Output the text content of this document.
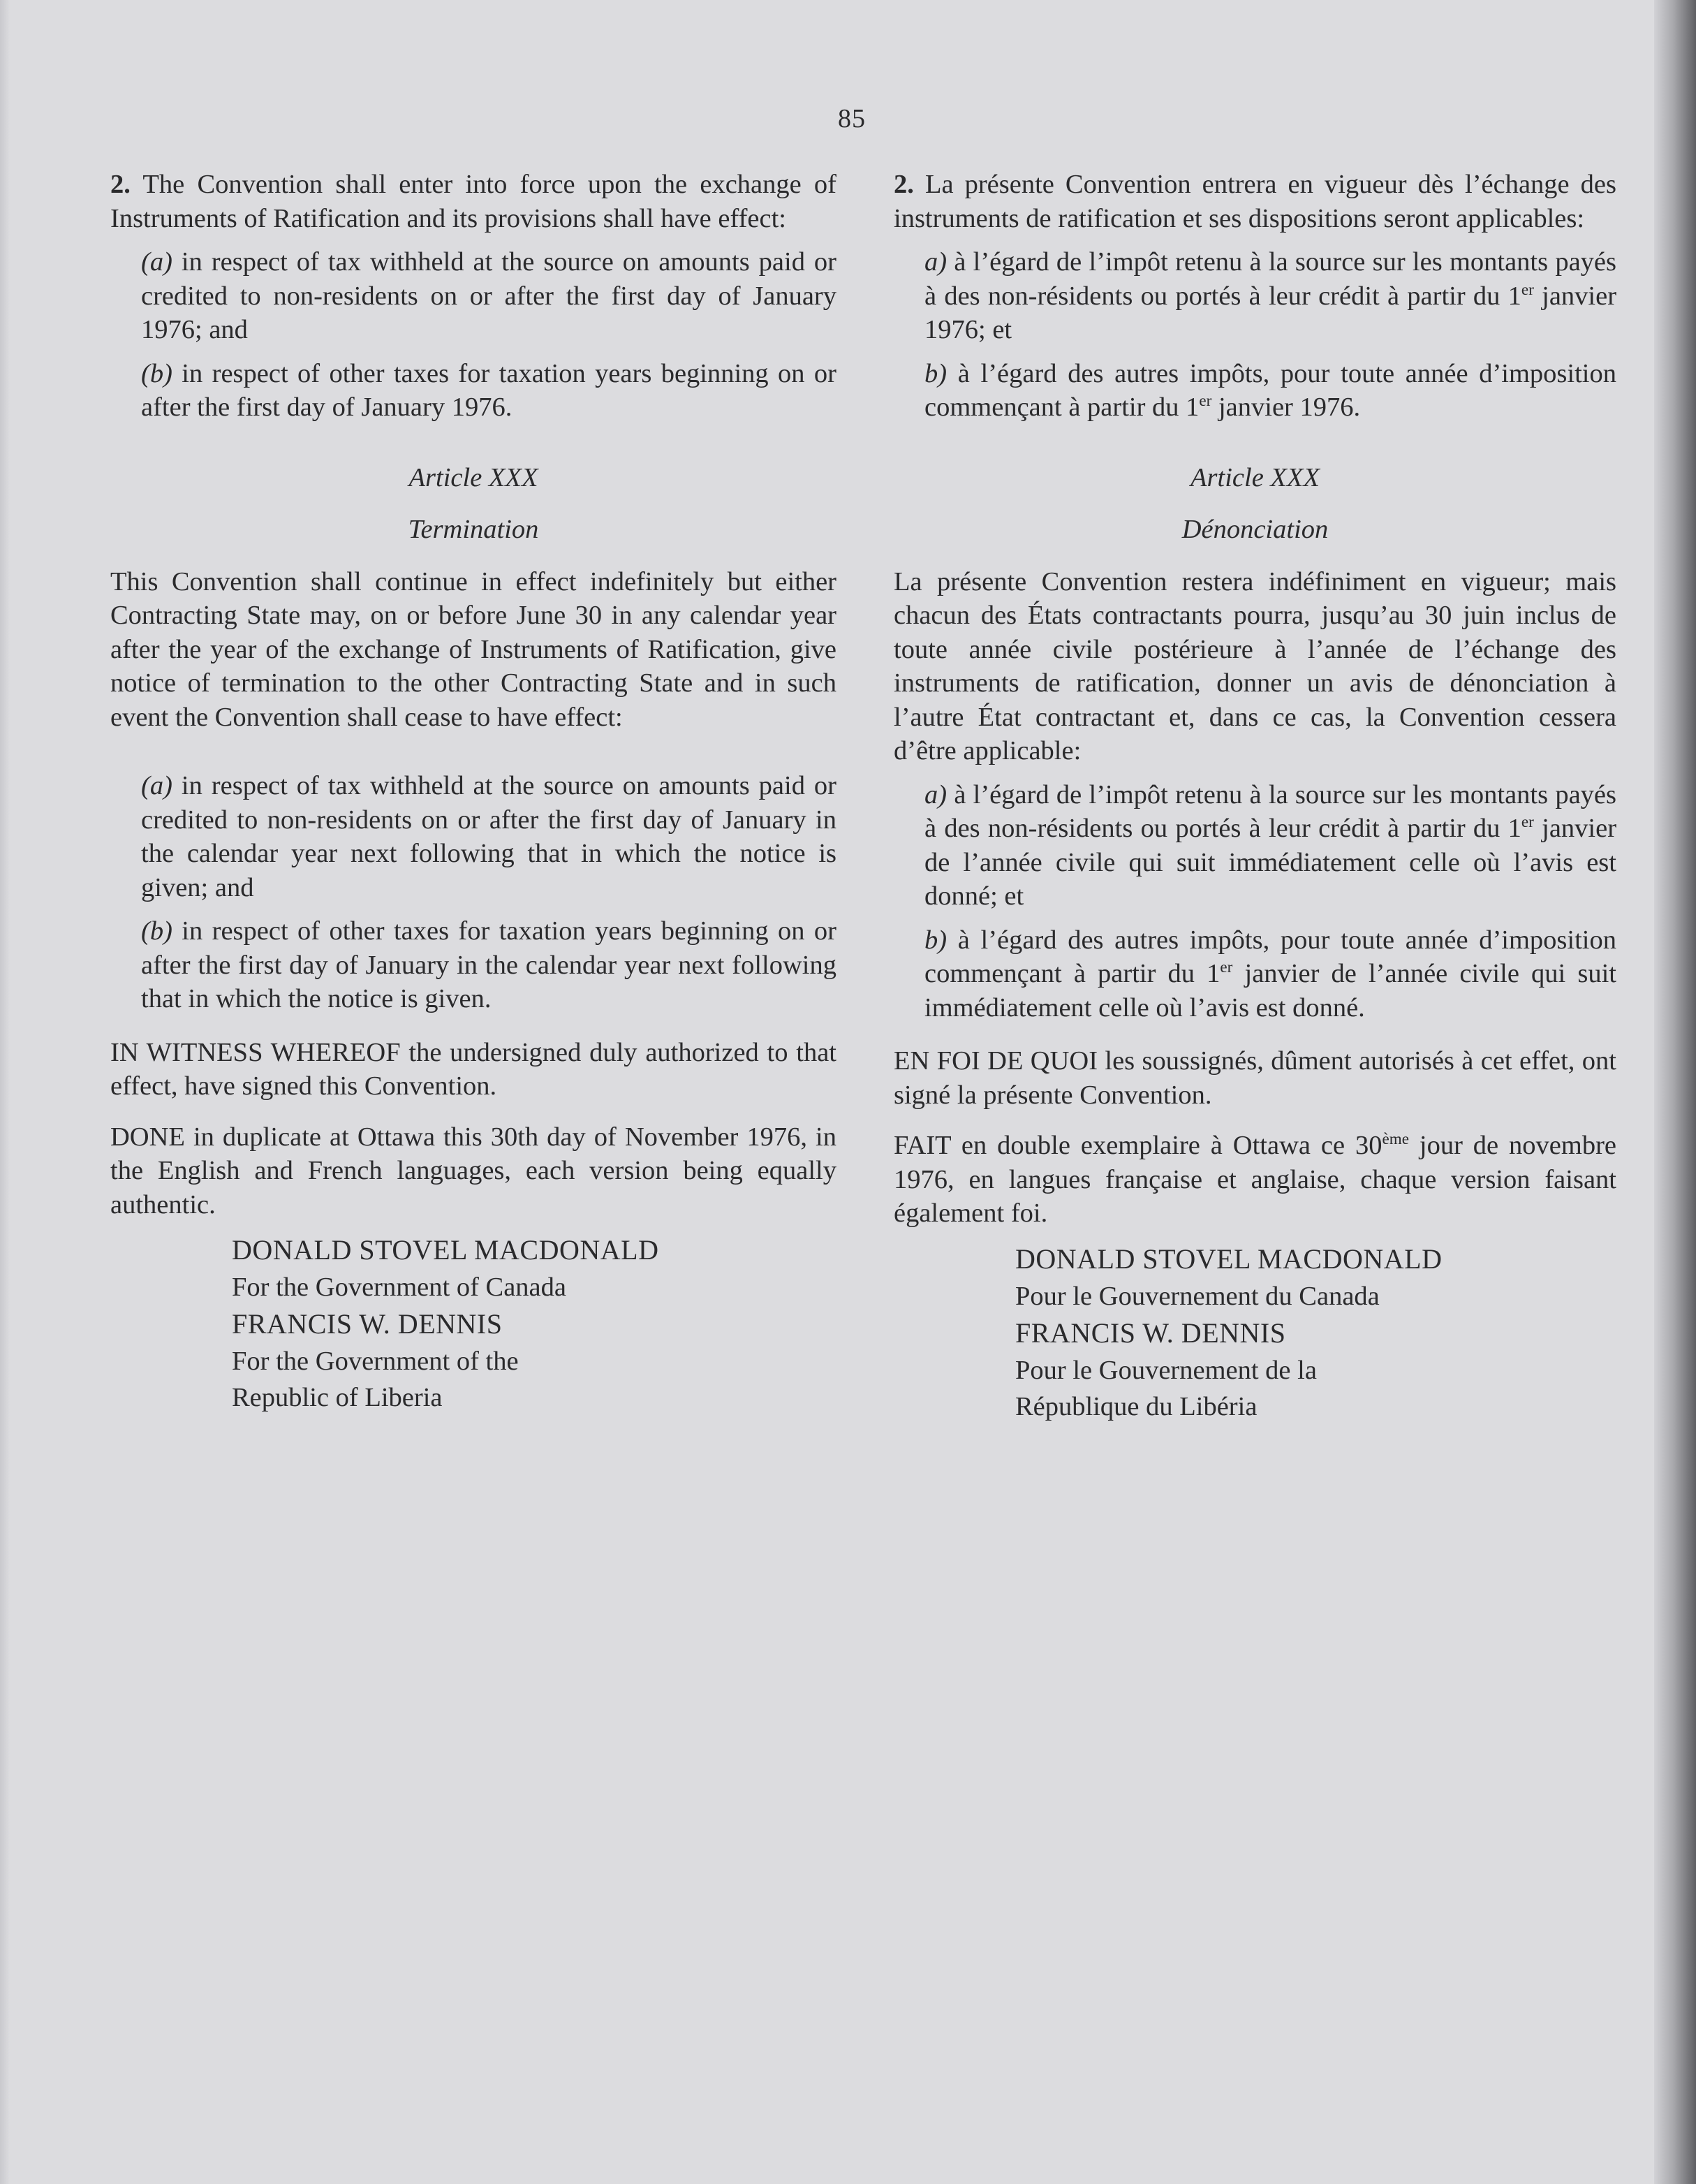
85

2. The Convention shall enter into force upon the exchange of Instruments of Ratification and its provisions shall have effect:

(a) in respect of tax withheld at the source on amounts paid or credited to non-residents on or after the first day of January 1976; and

(b) in respect of other taxes for taxation years beginning on or after the first day of January 1976.

Article XXX

Termination

This Convention shall continue in effect indefinitely but either Contracting State may, on or before June 30 in any calendar year after the year of the exchange of Instruments of Ratification, give notice of termination to the other Contracting State and in such event the Convention shall cease to have effect:

(a) in respect of tax withheld at the source on amounts paid or credited to non-residents on or after the first day of January in the calendar year next following that in which the notice is given; and

(b) in respect of other taxes for taxation years beginning on or after the first day of January in the calendar year next following that in which the notice is given.

IN WITNESS WHEREOF the undersigned duly authorized to that effect, have signed this Convention.

DONE in duplicate at Ottawa this 30th day of November 1976, in the English and French languages, each version being equally authentic.

DONALD STOVEL MACDONALD

For the Government of Canada

FRANCIS W. DENNIS

For the Government of the

Republic of Liberia

2. La présente Convention entrera en vigueur dès l’échange des instruments de ratification et ses dispositions seront applicables:

a) à l’égard de l’impôt retenu à la source sur les montants payés à des non-résidents ou portés à leur crédit à partir du 1er janvier 1976; et

b) à l’égard des autres impôts, pour toute année d’imposition commençant à partir du 1er janvier 1976.

Article XXX

Dénonciation

La présente Convention restera indéfiniment en vigueur; mais chacun des États contractants pourra, jusqu’au 30 juin inclus de toute année civile postérieure à l’année de l’échange des instruments de ratification, donner un avis de dénonciation à l’autre État contractant et, dans ce cas, la Convention cessera d’être applicable:

a) à l’égard de l’impôt retenu à la source sur les montants payés à des non-résidents ou portés à leur crédit à partir du 1er janvier de l’année civile qui suit immédiatement celle où l’avis est donné; et

b) à l’égard des autres impôts, pour toute année d’imposition commençant à partir du 1er janvier de l’année civile qui suit immédiatement celle où l’avis est donné.

EN FOI DE QUOI les soussignés, dûment autorisés à cet effet, ont signé la présente Convention.

FAIT en double exemplaire à Ottawa ce 30ème jour de novembre 1976, en langues française et anglaise, chaque version faisant également foi.

DONALD STOVEL MACDONALD

Pour le Gouvernement du Canada

FRANCIS W. DENNIS

Pour le Gouvernement de la

République du Libéria
